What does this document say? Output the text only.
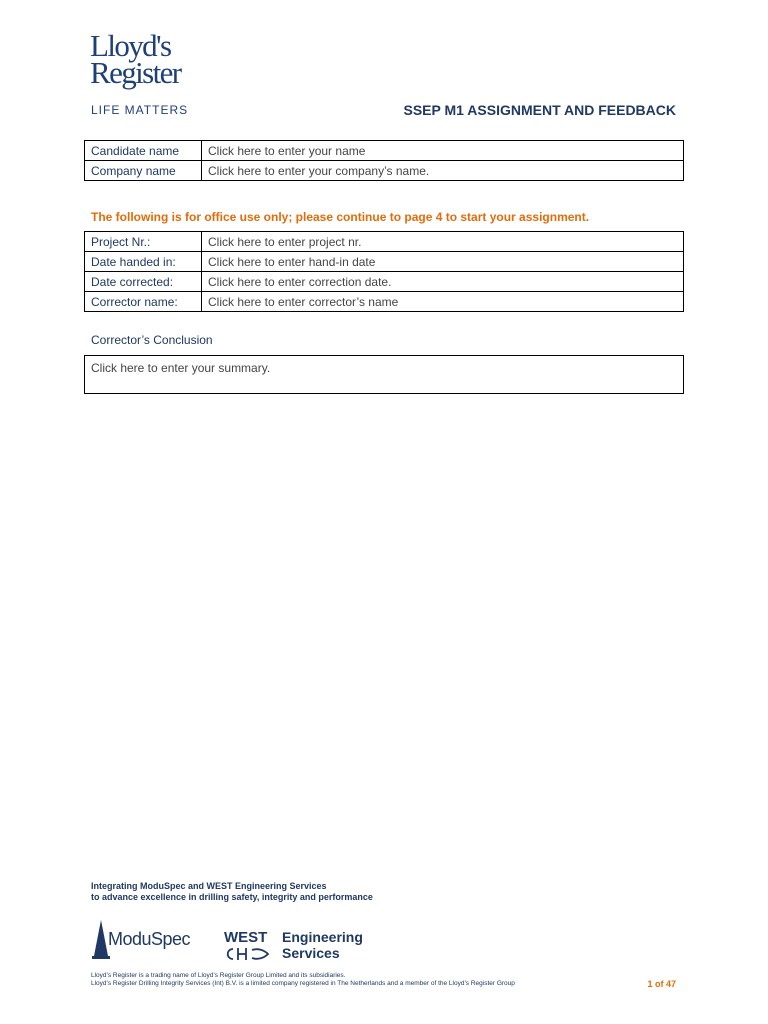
Lloyd's
Register
LIFE MATTERS	SSEP M1 ASSIGNMENT AND FEEDBACK
Candidate name	Click here to enter your name
Company name	Click here to enter your company’s name.
The following is for office use only; please continue to page 4 to start your assignment.
Project Nr.:	Click here to enter project nr.
Date handed in:	Click here to enter hand-in date
Date corrected:	Click here to enter correction date.
Corrector name:	Click here to enter corrector’s name
Corrector’s Conclusion
Click here to enter your summary.
Integrating ModuSpec and WEST Engineering Services
to advance excellence in drilling safety, integrity and performance
ModuSpec WEST Engineering
Services
Lloyd’s Register is a trading name of Lloyd’s Register Group Limited and its subsidiaries.
Lloyd’s Register Drilling Integrity Services (Int) B.V. is a limited company registered in The Netherlands and a member of the Lloyd’s Register Group	1 of 47
